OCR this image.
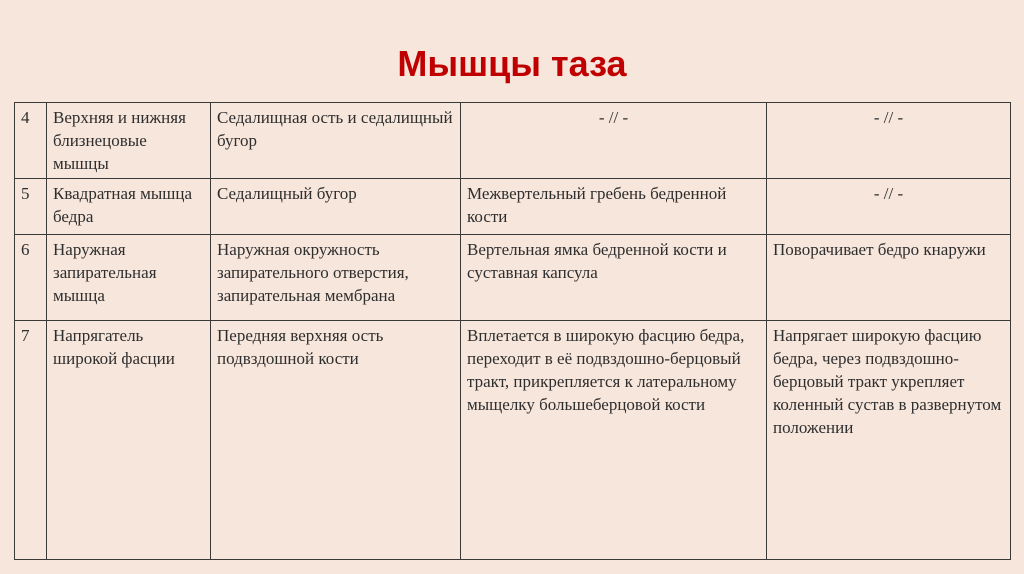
Мышцы таза
4	Верхняя и нижняя близнецовые мышцы	Седалищная ость и седалищный бугор	- // -	- // -
5	Квадратная мышца бедра	Седалищный бугор	Межвертельный гребень бедренной кости	- // -
6	Наружная запирательная мышца	Наружная окружность запирательного отверстия, запирательная мембрана	Вертельная ямка бедренной кости и суставная капсула	Поворачивает бедро кнаружи
7	Напрягатель широкой фасции	Передняя верхняя ость подвздошной кости	Вплетается в широкую фасцию бедра, переходит в её подвздошно-берцовый тракт, прикрепляется к латеральному мыщелку большеберцовой кости	Напрягает широкую фасцию бедра, через подвздошно-берцовый тракт укрепляет коленный сустав в развернутом положении
